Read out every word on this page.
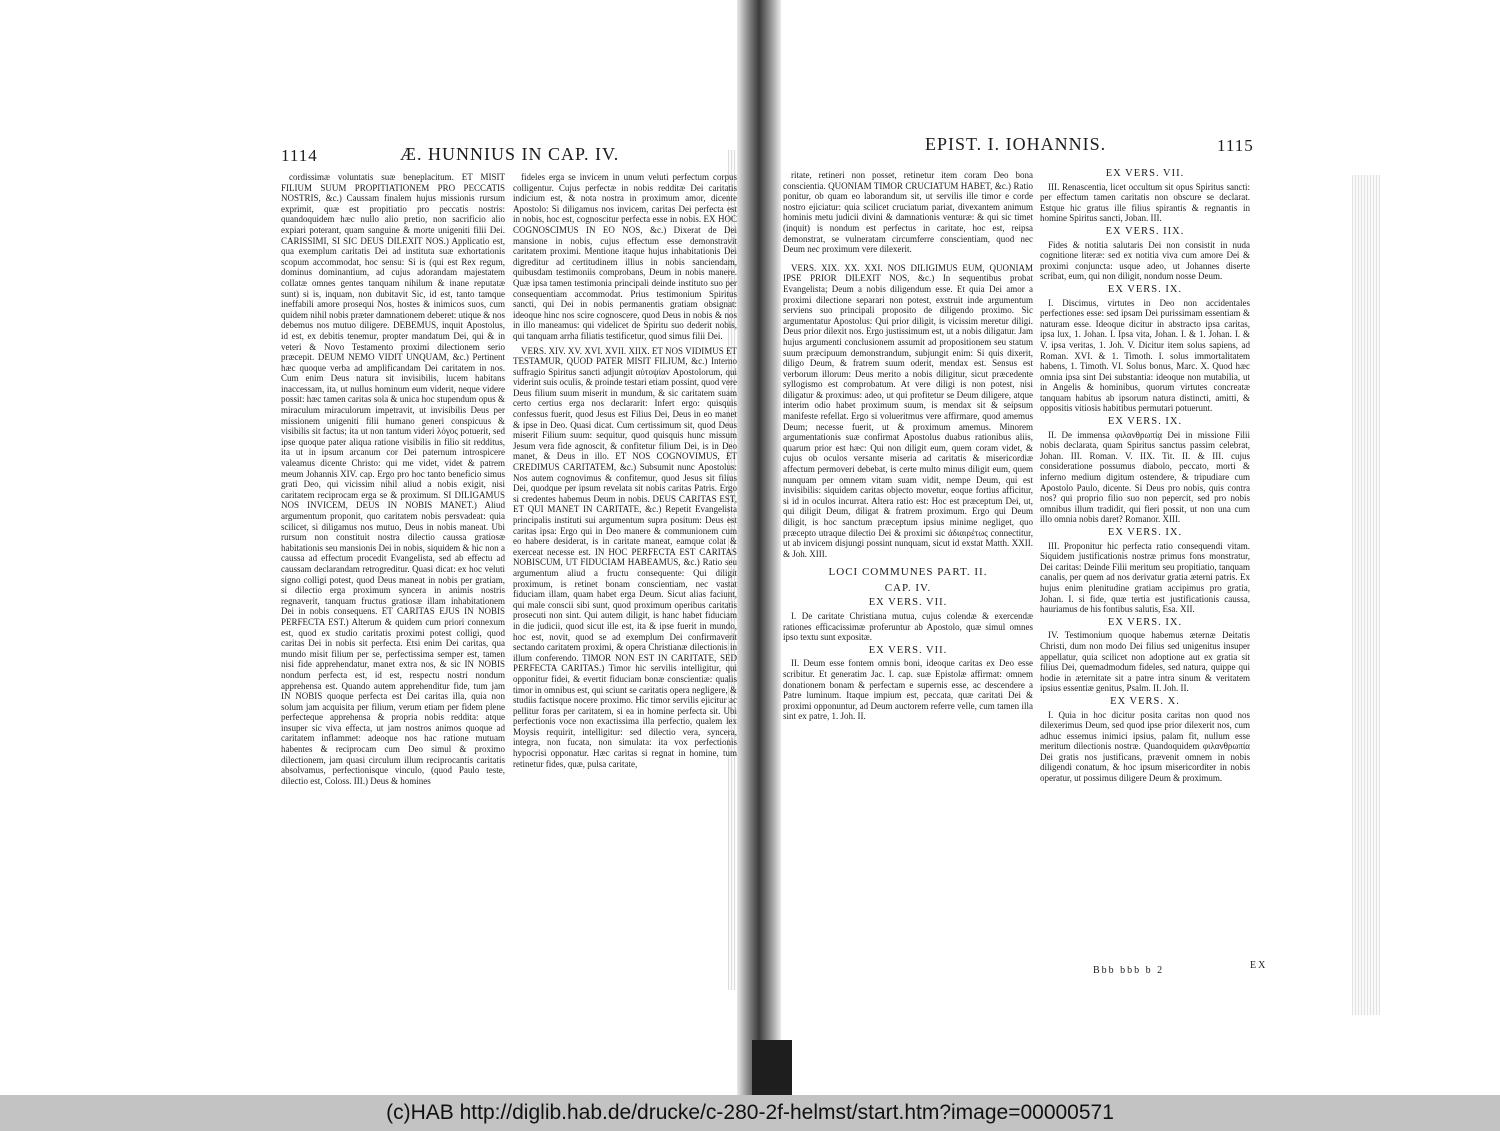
1114	Æ. HUNNIUS IN CAP. IV.

cordissimæ voluntatis suæ beneplacitum. ET MISIT FILIUM SUUM PROPITIATIONEM PRO PECCATIS NOSTRIS, &c.) Caussam finalem hujus missionis rursum exprimit, quæ est propitiatio pro peccatis nostris: quandoquidem hæc nullo alio pretio, non sacrificio alio expiari poterant, quam sanguine & morte unigeniti filii Dei. CARISSIMI, SI SIC DEUS DILEXIT NOS.) Applicatio est, qua exemplum caritatis Dei ad instituta suæ exhortationis scopum accommodat, hoc sensu: Si is (qui est Rex regum, dominus dominantium, ad cujus adorandam majestatem collatæ omnes gentes tanquam nihilum & inane reputatæ sunt) si is, inquam, non dubitavit Sic, id est, tanto tamque ineffabili amore prosequi Nos, hostes & inimicos suos, cum quidem nihil nobis præter damnationem deberet: utique & nos debemus nos mutuo diligere. DEBEMUS, inquit Apostolus, id est, ex debitis tenemur, propter mandatum Dei, qui & in veteri & Novo Testamento proximi dilectionem serio præcepit. DEUM NEMO VIDIT UNQUAM, &c.) Pertinent hæc quoque verba ad amplificandam Dei caritatem in nos. Cum enim Deus natura sit invisibilis, lucem habitans inaccessam, ita, ut nullus hominum eum viderit, neque videre possit: hæc tamen caritas sola & unica hoc stupendum opus & miraculum miraculorum impetravit, ut invisibilis Deus per missionem unigeniti filii humano generi conspicuus & visibilis sit factus; ita ut non tantum videri λόγος potuerit, sed ipse quoque pater aliqua ratione visibilis in filio sit redditus, ita ut in ipsum arcanum cor Dei paternum introspicere valeamus dicente Christo: qui me videt, videt & patrem meum Johannis XIV. cap. Ergo pro hoc tanto beneficio simus grati Deo, qui vicissim nihil aliud a nobis exigit, nisi caritatem reciprocam erga se & proximum. SI DILIGAMUS NOS INVICEM, DEUS IN NOBIS MANET.) Aliud argumentum proponit, quo caritatem nobis persvadeat: quia scilicet, si diligamus nos mutuo, Deus in nobis maneat. Ubi rursum non constituit nostra dilectio caussa gratiosæ habitationis seu mansionis Dei in nobis, siquidem & hic non a caussa ad effectum procedit Evangelista, sed ab effectu ad caussam declarandam retrogreditur. Quasi dicat: ex hoc veluti signo colligi potest, quod Deus maneat in nobis per gratiam, si dilectio erga proximum syncera in animis nostris regnaverit, tanquam fructus gratiosæ illam inhabitationem Dei in nobis consequens. ET CARITAS EJUS IN NOBIS PERFECTA EST.) Alterum & quidem cum priori connexum est, quod ex studio caritatis proximi potest colligi, quod caritas Dei in nobis sit perfecta. Etsi enim Dei caritas, qua mundo misit filium per se, perfectissima semper est, tamen nisi fide apprehendatur, manet extra nos, & sic IN NOBIS nondum perfecta est, id est, respectu nostri nondum apprehensa est. Quando autem apprehenditur fide, tum jam IN NOBIS quoque perfecta est Dei caritas illa, quia non solum jam acquisita per filium, verum etiam per fidem plene perfecteque apprehensa & propria nobis reddita: atque insuper sic viva effecta, ut jam nostros animos quoque ad caritatem inflammet: adeoque nos hac ratione mutuam habentes & reciprocam cum Deo simul & proximo dilectionem, jam quasi circulum illum reciprocantis caritatis absolvamus, perfectionisque vinculo, (quod Paulo teste, dilectio est, Coloss. III.) Deus & homines

fideles erga se invicem in unum veluti perfectum corpus colligentur. Cujus perfectæ in nobis redditæ Dei caritatis indicium est, & nota nostra in proximum amor, dicente Apostolo: Si diligamus nos invicem, caritas Dei perfecta est in nobis, hoc est, cognoscitur perfecta esse in nobis. EX HOC COGNOSCIMUS IN EO NOS, &c.) Dixerat de Dei mansione in nobis, cujus effectum esse demonstravit caritatem proximi. Mentione itaque hujus inhabitationis Dei digreditur ad certitudinem illius in nobis sanciendam, quibusdam testimoniis comprobans, Deum in nobis manere. Quæ ipsa tamen testimonia principali deinde instituto suo per consequentiam accommodat. Prius testimonium Spiritus sancti, qui Dei in nobis permanentis gratiam obsignat: ideoque hinc nos scire cognoscere, quod Deus in nobis & nos in illo maneamus: qui videlicet de Spiritu suo dederit nobis, qui tanquam arrha filiatis testificetur, quod simus filii Dei.

VERS. XIV. XV. XVI. XVII. XIIX. ET NOS VIDIMUS ET TESTAMUR, QUOD PATER MISIT FILIUM, &c.) Interno suffragio Spiritus sancti adjungit αὐτοψίαν Apostolorum, qui viderint suis oculis, & proinde testari etiam possint, quod vere Deus filium suum miserit in mundum, & sic caritatem suam certo certius erga nos declararit: Infert ergo: quisquis confessus fuerit, quod Jesus est Filius Dei, Deus in eo manet & ipse in Deo. Quasi dicat. Cum certissimum sit, quod Deus miserit Filium suum: sequitur, quod quisquis hunc missum Jesum vera fide agnoscit, & confitetur filium Dei, is in Deo manet, & Deus in illo. ET NOS COGNOVIMUS, ET CREDIMUS CARITATEM, &c.) Subsumit nunc Apostolus: Nos autem cognovimus & confitemur, quod Jesus sit filius Dei, quodque per ipsum revelata sit nobis caritas Patris. Ergo si credentes habemus Deum in nobis. DEUS CARITAS EST, ET QUI MANET IN CARITATE, &c.) Repetit Evangelista principalis instituti sui argumentum supra positum: Deus est caritas ipsa: Ergo qui in Deo manere & communionem cum eo habere desiderat, is in caritate maneat, eamque colat & exerceat necesse est. IN HOC PERFECTA EST CARITAS NOBISCUM, UT FIDUCIAM HABEAMUS, &c.) Ratio seu argumentum aliud a fructu consequente: Qui diligit proximum, is retinet bonam conscientiam, nec vastat fiduciam illam, quam habet erga Deum. Sicut alias faciunt, qui male conscii sibi sunt, quod proximum operibus caritatis prosecuti non sint. Qui autem diligit, is hanc habet fiduciam in die judicii, quod sicut ille est, ita & ipse fuerit in mundo, hoc est, novit, quod se ad exemplum Dei confirmaverit sectando caritatem proximi, & opera Christianæ dilectionis in illum conferendo. TIMOR NON EST IN CARITATE, SED PERFECTA CARITAS.) Timor hic servilis intelligitur, qui opponitur fidei, & evertit fiduciam bonæ conscientiæ: qualis timor in omnibus est, qui sciunt se caritatis opera negligere, & studiis factisque nocere proximo. Hic timor servilis ejicitur ac pellitur foras per caritatem, si ea in homine perfecta sit. Ubi perfectionis voce non exactissima illa perfectio, qualem lex Moysis requirit, intelligitur: sed dilectio vera, syncera, integra, non fucata, non simulata: ita vox perfectionis hypocrisi opponatur. Hæc caritas si regnat in homine, tum retinetur fides, quæ, pulsa caritate,

EPIST. I. IOHANNIS.	1115

ritate, retineri non posset, retinetur item coram Deo bona conscientia. QUONIAM TIMOR CRUCIATUM HABET, &c.) Ratio ponitur, ob quam eo laborandum sit, ut servilis ille timor e corde nostro ejiciatur: quia scilicet cruciatum pariat, divexantem animum hominis metu judicii divini & damnationis venturæ: & qui sic timet (inquit) is nondum est perfectus in caritate, hoc est, reipsa demonstrat, se vulneratam circumferre conscientiam, quod nec Deum nec proximum vere dilexerit.

VERS. XIX. XX. XXI. NOS DILIGIMUS EUM, QUONIAM IPSE PRIOR DILEXIT NOS, &c.) In sequentibus probat Evangelista; Deum a nobis diligendum esse. Et quia Dei amor a proximi dilectione separari non potest, exstruit inde argumentum serviens suo principali proposito de diligendo proximo. Sic argumentatur Apostolus: Qui prior diligit, is vicissim meretur diligi. Deus prior dilexit nos. Ergo justissimum est, ut a nobis diligatur. Jam hujus argumenti conclusionem assumit ad propositionem seu statum suum præcipuum demonstrandum, subjungit enim: Si quis dixerit, diligo Deum, & fratrem suum oderit, mendax est. Sensus est verborum illorum: Deus merito a nobis diligitur, sicut præcedente syllogismo est comprobatum. At vere diligi is non potest, nisi diligatur & proximus: adeo, ut qui profitetur se Deum diligere, atque interim odio habet proximum suum, is mendax sit & seipsum manifeste refellat. Ergo si volueritmus vere affirmare, quod amemus Deum; necesse fuerit, ut & proximum amemus. Minorem argumentationis suæ confirmat Apostolus duabus rationibus aliis, quarum prior est hæc: Qui non diligit eum, quem coram videt, & cujus ob oculos versante miseria ad caritatis & misericordiæ affectum permoveri debebat, is certe multo minus diligit eum, quem nunquam per omnem vitam suam vidit, nempe Deum, qui est invisibilis: siquidem caritas objecto movetur, eoque fortius afficitur, si id in oculos incurrat. Altera ratio est: Hoc est præceptum Dei, ut, qui diligit Deum, diligat & fratrem proximum. Ergo qui Deum diligit, is hoc sanctum præceptum ipsius minime negliget, quo præcepto utraque dilectio Dei & proximi sic ἀδιαιρέτως connectitur, ut ab invicem disjungi possint nunquam, sicut id exstat Matth. XXII. & Joh. XIII.

LOCI COMMUNES PART. II.
CAP. IV.
EX VERS. VII.

I. De caritate Christiana mutua, cujus colendæ & exercendæ rationes efficacissimæ proferuntur ab Apostolo, quæ simul omnes ipso textu sunt expositæ.

EX VERS. VII.

II. Deum esse fontem omnis boni, ideoque caritas ex Deo esse scribitur. Et generatim Jac. I. cap. suæ Epistolæ affirmat: omnem donationem bonam & perfectam e supernis esse, ac descendere a Patre luminum. Itaque impium est, peccata, quæ caritati Dei & proximi opponuntur, ad Deum auctorem referre velle, cum tamen illa sint ex patre, 1. Joh. II.

EX VERS. VII.

III. Renascentia, licet occultum sit opus Spiritus sancti: per effectum tamen caritatis non obscure se declarat. Estque hic gratus ille filius spirantis & regnantis in homine Spiritus sancti, Joban. III.

EX VERS. IIX.

Fides & notitia salutaris Dei non consistit in nuda cognitione literæ: sed ex notitia viva cum amore Dei & proximi conjuncta: usque adeo, ut Johannes diserte scribat, eum, qui non diligit, nondum nosse Deum.

EX VERS. IX.

I. Discimus, virtutes in Deo non accidentales perfectiones esse: sed ipsam Dei purissimam essentiam & naturam esse. Ideoque dicitur in abstracto ipsa caritas, ipsa lux, 1. Johan. I. Ipsa vita, Johan. I. & 1. Johan. I. & V. ipsa veritas, 1. Joh. V. Dicitur item solus sapiens, ad Roman. XVI. & 1. Timoth. I. solus immortalitatem habens, 1. Timoth. VI. Solus bonus, Marc. X. Quod hæc omnia ipsa sint Dei substantia: ideoque non mutabilia, ut in Angelis & hominibus, quorum virtutes concreatæ tanquam habitus ab ipsorum natura distincti, amitti, & oppositis vitiosis habitibus permutari potuerunt.

EX VERS. IX.

II. De immensa φιλανθρωπίᾳ Dei in missione Filii nobis declarata, quam Spiritus sanctus passim celebrat, Johan. III. Roman. V. IIX. Tit. II. & III. cujus consideratione possumus diabolo, peccato, morti & inferno medium digitum ostendere, & tripudiare cum Apostolo Paulo, dicente. Si Deus pro nobis, quis contra nos? qui proprio filio suo non pepercit, sed pro nobis omnibus illum tradidit, qui fieri possit, ut non una cum illo omnia nobis daret? Romanor. XIII.

EX VERS. IX.

III. Proponitur hic perfecta ratio consequendi vitam. Siquidem justificationis nostræ primus fons monstratur, Dei caritas: Deinde Filii meritum seu propitiatio, tanquam canalis, per quem ad nos derivatur gratia æterni patris. Ex hujus enim plenitudine gratiam accipimus pro gratia, Johan. I. si fide, quæ tertia est justificationis caussa, hauriamus de his fontibus salutis, Esa. XII.

EX VERS. IX.

IV. Testimonium quoque habemus æternæ Deitatis Christi, dum non modo Dei filius sed unigenitus insuper appellatur, quia scilicet non adoptione aut ex gratia sit filius Dei, quemadmodum fideles, sed natura, quippe qui hodie in æternitate sit a patre intra sinum & veritatem ipsius essentiæ genitus, Psalm. II. Joh. II.

EX VERS. X.

I. Quia in hoc dicitur posita caritas non quod nos dilexerimus Deum, sed quod ipse prior dilexerit nos, cum adhuc essemus inimici ipsius, palam fit, nullum esse meritum dilectionis nostræ. Quandoquidem φιλανθρωπία Dei gratis nos justificans, prævenit omnem in nobis diligendi conatum, & hoc ipsum misericorditer in nobis operatur, ut possimus diligere Deum & proximum.

Bbb bbb b 2	EX
(c)HAB http://diglib.hab.de/drucke/c-280-2f-helmst/start.htm?image=00000571
